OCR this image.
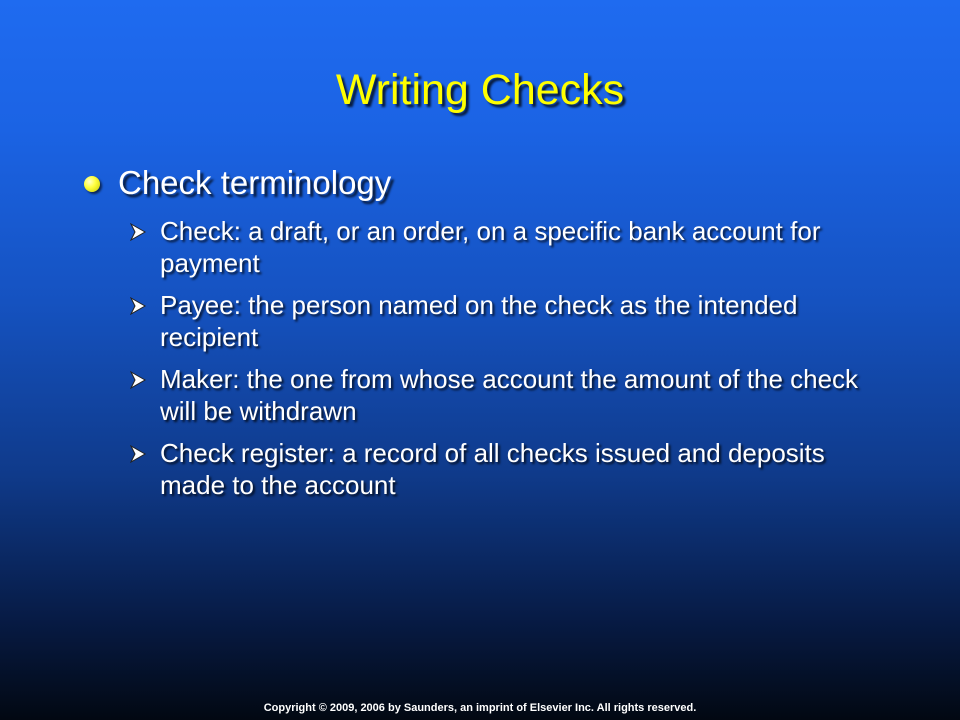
Writing Checks
Check terminology
Check: a draft, or an order, on a specific bank account for payment
Payee: the person named on the check as the intended recipient
Maker: the one from whose account the amount of the check will be withdrawn
Check register: a record of all checks issued and deposits made to the account
Copyright © 2009, 2006 by Saunders, an imprint of Elsevier Inc. All rights reserved.
